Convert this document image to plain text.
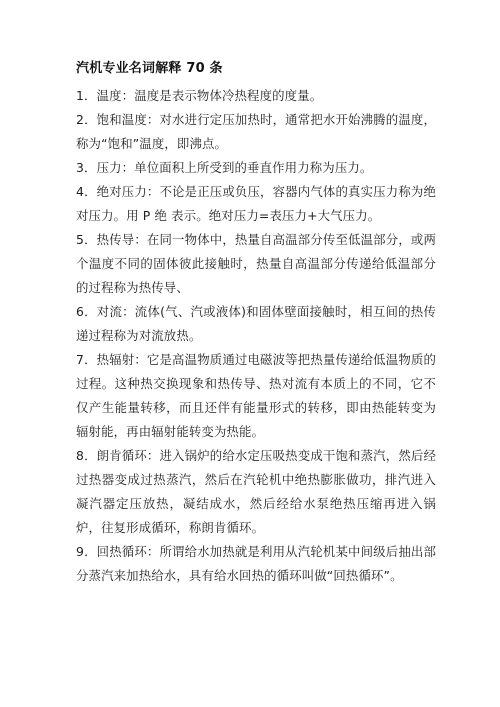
汽机专业名词解释 70 条

1．温度：温度是表示物体冷热程度的度量。

2．饱和温度：对水进行定压加热时，通常把水开始沸腾的温度，称为“饱和”温度，即沸点。

3．压力：单位面积上所受到的垂直作用力称为压力。

4．绝对压力：不论是正压或负压，容器内气体的真实压力称为绝对压力。用 P 绝 表示。绝对压力=表压力+大气压力。

5．热传导：在同一物体中，热量自高温部分传至低温部分，或两个温度不同的固体彼此接触时，热量自高温部分传递给低温部分的过程称为热传导、

6．对流：流体(气、汽或液体)和固体壁面接触时，相互间的热传递过程称为对流放热。

7．热辐射：它是高温物质通过电磁波等把热量传递给低温物质的过程。这种热交换现象和热传导、热对流有本质上的不同，它不仅产生能量转移，而且还伴有能量形式的转移，即由热能转变为辐射能，再由辐射能转变为热能。

8．朗肯循环：进入锅炉的给水定压吸热变成干饱和蒸汽，然后经过热器变成过热蒸汽，然后在汽轮机中绝热膨胀做功，排汽进入凝汽器定压放热，凝结成水，然后经给水泵绝热压缩再进入锅炉，往复形成循环，称朗肯循环。

9．回热循环：所谓给水加热就是利用从汽轮机某中间级后抽出部分蒸汽来加热给水，具有给水回热的循环叫做“回热循环”。
